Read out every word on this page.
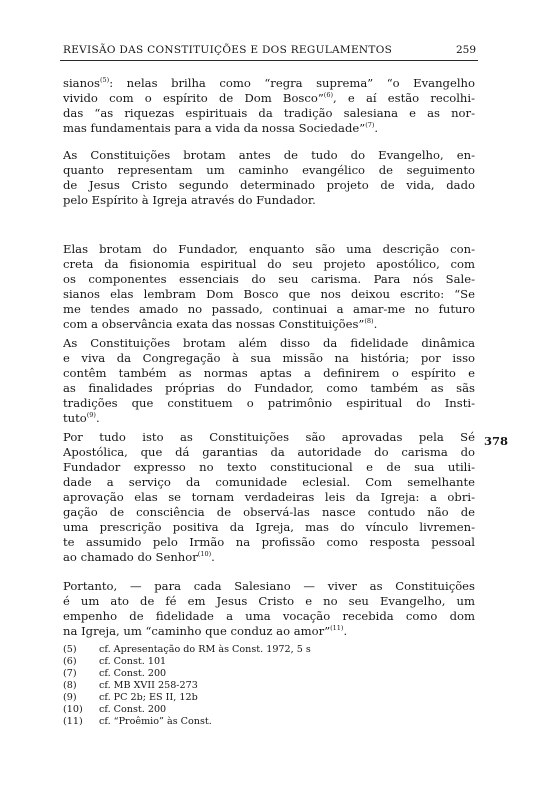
REVISÃO DAS CONSTITUIÇÕES E DOS REGULAMENTOS	259
378
sianos$^{(5)}$: nelas brilha como “regra suprema” “o Evangelho
vivido com o espírito de Dom Bosco”$^{(6)}$, e aí estão recolhi-
das “as riquezas espirituais da tradição salesiana e as nor-
mas fundamentais para a vida da nossa Sociedade”$^{(7)}$.
As Constituições brotam antes de tudo do Evangelho, en-
quanto representam um caminho evangélico de seguimento
de Jesus Cristo segundo determinado projeto de vida, dado
pelo Espírito à Igreja através do Fundador.
Elas brotam do Fundador, enquanto são uma descrição con-
creta da fisionomia espiritual do seu projeto apostólico, com
os componentes essenciais do seu carisma. Para nós Sale-
sianos elas lembram Dom Bosco que nos deixou escrito: “Se
me tendes amado no passado, continuai a amar-me no futuro
com a observância exata das nossas Constituições”$^{(8)}$.
As Constituições brotam além disso da fidelidade dinâmica
e viva da Congregação à sua missão na história; por isso
contêm também as normas aptas a definirem o espírito e
as finalidades próprias do Fundador, como também as sãs
tradições que constituem o patrimônio espiritual do Insti-
tuto$^{(9)}$.
Por tudo isto as Constituições são aprovadas pela Sé
Apostólica, que dá garantias da autoridade do carisma do
Fundador expresso no texto constitucional e de sua utili-
dade a serviço da comunidade eclesial. Com semelhante
aprovação elas se tornam verdadeiras leis da Igreja: a obri-
gação de consciência de observá-las nasce contudo não de
uma prescrição positiva da Igreja, mas do vínculo livremen-
te assumido pelo Irmão na profissão como resposta pessoal
ao chamado do Senhor$^{(10)}$.
Portanto, — para cada Salesiano — viver as Constituições
é um ato de fé em Jesus Cristo e no seu Evangelho, um
empenho de fidelidade a uma vocação recebida como dom
na Igreja, um “caminho que conduz ao amor”$^{(11)}$.
(5)	cf. Apresentação do RM às Const. 1972, 5 s
(6)	cf. Const. 101
(7)	cf. Const. 200
(8)	cf. MB XVII 258-273
(9)	cf. PC 2b; ES II, 12b
(10)	cf. Const. 200
(11)	cf. “Proêmio” às Const.
